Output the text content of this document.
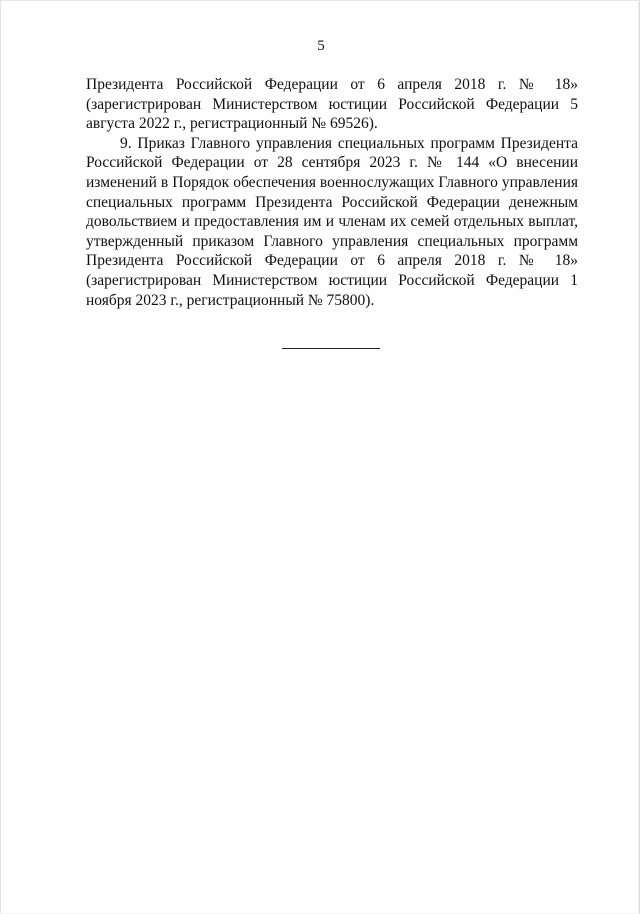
5

Президента Российской Федерации от 6 апреля 2018 г. № 18» (зарегистрирован Министерством юстиции Российской Федерации 5 августа 2022 г., регистрационный № 69526).

9. Приказ Главного управления специальных программ Президента Российской Федерации от 28 сентября 2023 г. № 144 «О внесении изменений в Порядок обеспечения военнослужащих Главного управления специальных программ Президента Российской Федерации денежным довольствием и предоставления им и членам их семей отдельных выплат, утвержденный приказом Главного управления специальных программ Президента Российской Федерации от 6 апреля 2018 г. № 18» (зарегистрирован Министерством юстиции Российской Федерации 1 ноября 2023 г., регистрационный № 75800).
